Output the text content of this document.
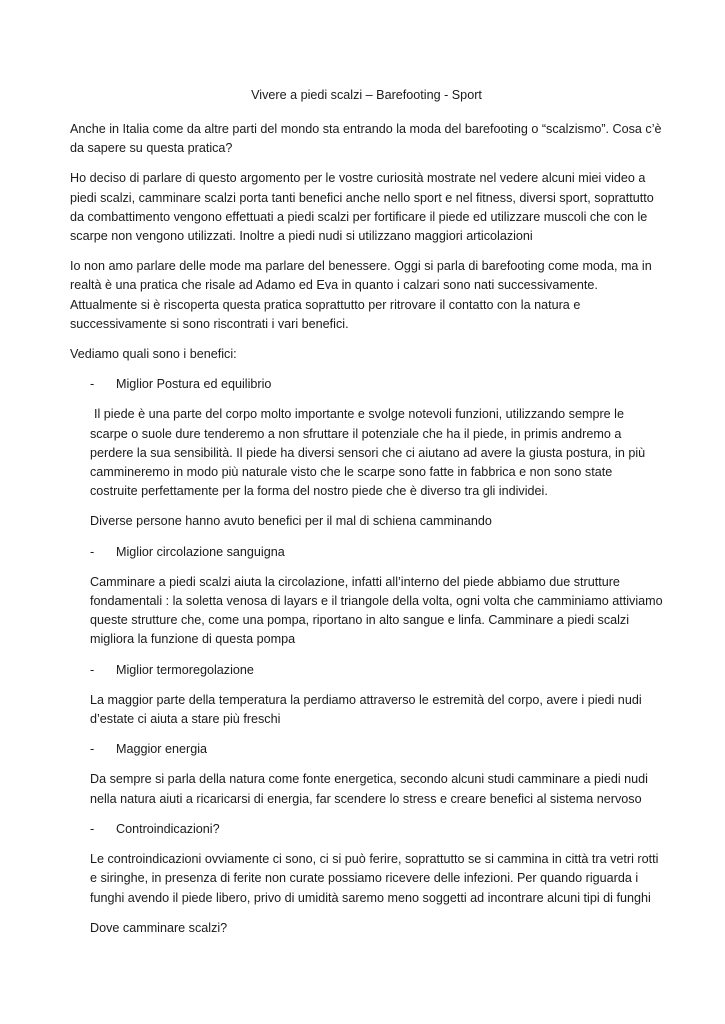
Vivere a piedi scalzi – Barefooting - Sport

Anche in Italia come da altre parti del mondo sta entrando la moda del barefooting o “scalzismo”. Cosa c’è da sapere su questa pratica?

Ho deciso di parlare di questo argomento per le vostre curiosità mostrate nel vedere alcuni miei video a piedi scalzi, camminare scalzi porta tanti benefici anche nello sport e nel fitness, diversi sport, soprattutto da combattimento vengono effettuati a piedi scalzi per fortificare il piede ed utilizzare muscoli che con le scarpe non vengono utilizzati. Inoltre a piedi nudi si utilizzano maggiori articolazioni

Io non amo parlare delle mode ma parlare del benessere. Oggi si parla di barefooting come moda, ma in realtà è una pratica che risale ad Adamo ed Eva in quanto i calzari sono nati successivamente. Attualmente si è riscoperta questa pratica soprattutto per ritrovare il contatto con la natura e successivamente si sono riscontrati i vari benefici.

Vediamo quali sono i benefici:

-	Miglior Postura ed equilibrio

Il piede è una parte del corpo molto importante e svolge notevoli funzioni, utilizzando sempre le scarpe o suole dure tenderemo a non sfruttare il potenziale che ha il piede, in primis andremo a perdere la sua sensibilità. Il piede ha diversi sensori che ci aiutano ad avere la giusta postura, in più cammineremo in modo più naturale visto che le scarpe sono fatte in fabbrica e non sono state costruite perfettamente per la forma del nostro piede che è diverso tra gli individei.

Diverse persone hanno avuto benefici per il mal di schiena camminando

-	Miglior circolazione sanguigna

Camminare a piedi scalzi aiuta la circolazione, infatti all’interno del piede abbiamo due strutture fondamentali : la soletta venosa di layars e il triangole della volta, ogni volta che camminiamo attiviamo queste strutture che, come una pompa, riportano in alto sangue e linfa. Camminare a piedi scalzi migliora la funzione di questa pompa

-	Miglior termoregolazione

La maggior parte della temperatura la perdiamo attraverso le estremità del corpo, avere i piedi nudi d’estate ci aiuta a stare più freschi

-	Maggior energia

Da sempre si parla della natura come fonte energetica, secondo alcuni studi camminare a piedi nudi nella natura aiuti a ricaricarsi di energia, far scendere lo stress e creare benefici al sistema nervoso

-	Controindicazioni?

Le controindicazioni ovviamente ci sono, ci si può ferire, soprattutto se si cammina in città tra vetri rotti e siringhe, in presenza di ferite non curate possiamo ricevere delle infezioni. Per quando riguarda i funghi avendo il piede libero, privo di umidità saremo meno soggetti ad incontrare alcuni tipi di funghi

Dove camminare scalzi?
